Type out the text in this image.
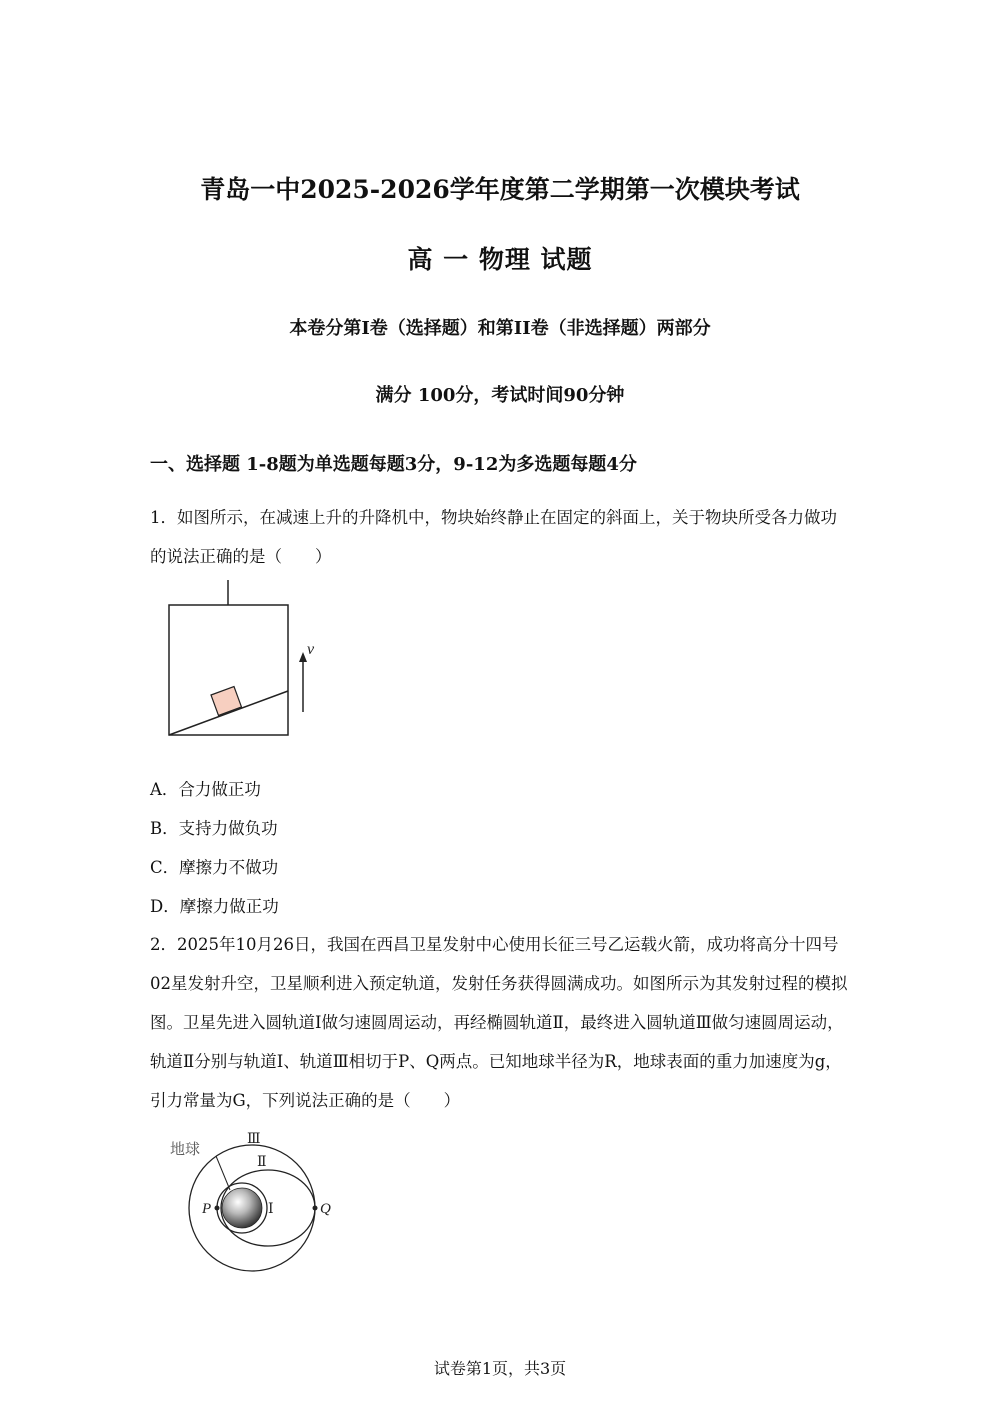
青岛一中2025-2026学年度第二学期第一次模块考试
高 一 物理 试题
本卷分第I卷（选择题）和第II卷（非选择题）两部分
满分 100分，考试时间90分钟
一、选择题 1-8题为单选题每题3分，9-12为多选题每题4分
1．如图所示，在减速上升的升降机中，物块始终静止在固定的斜面上，关于物块所受各力做功的说法正确的是（　　）
v
A．合力做正功
B．支持力做负功
C．摩擦力不做功
D．摩擦力做正功
2．2025年10月26日，我国在西昌卫星发射中心使用长征三号乙运载火箭，成功将高分十四号02星发射升空，卫星顺利进入预定轨道，发射任务获得圆满成功。如图所示为其发射过程的模拟图。卫星先进入圆轨道Ⅰ做匀速圆周运动，再经椭圆轨道Ⅱ，最终进入圆轨道Ⅲ做匀速圆周运动，轨道Ⅱ分别与轨道Ⅰ、轨道Ⅲ相切于P、Q两点。已知地球半径为R，地球表面的重力加速度为g，引力常量为G，下列说法正确的是（　　）
地球
Ⅲ
Ⅱ
Ⅰ
P	Q
试卷第1页，共3页
